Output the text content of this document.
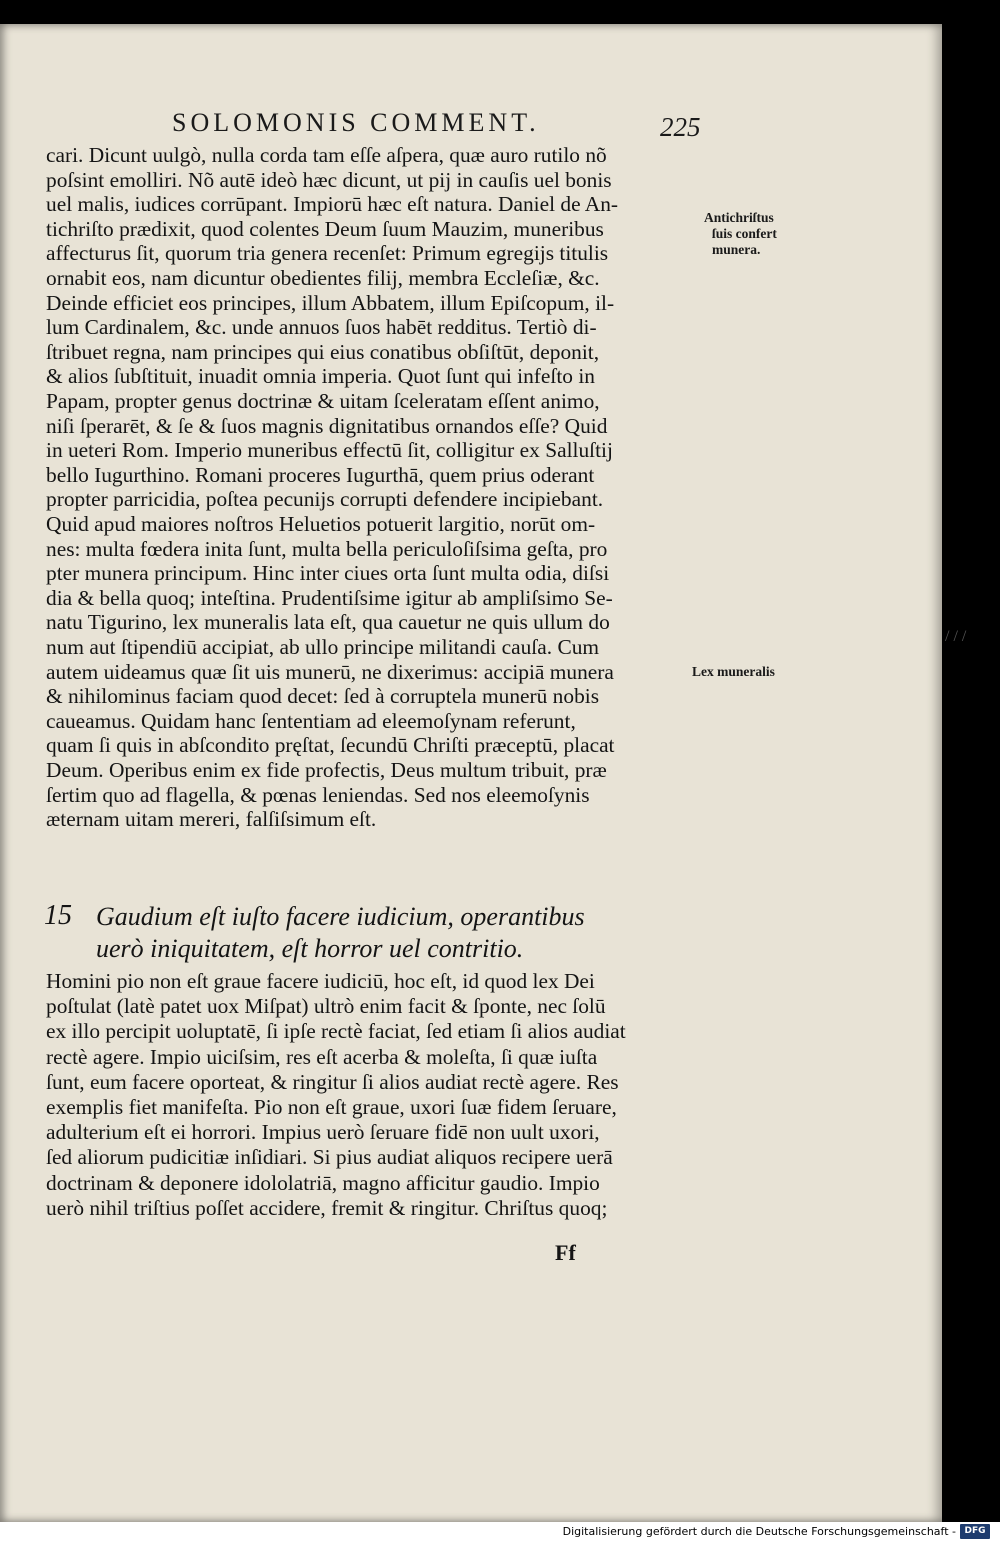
SOLOMONIS COMMENT.	225
cari. Dicunt uulgò, nulla corda tam eſſe aſpera, quæ auro rutilo nõ
poſsint emolliri. Nõ autē ideò hæc dicunt, ut pij in cauſis uel bonis
uel malis, iudices corrūpant. Impiorū hæc eſt natura. Daniel de An-
tichriſto prædixit, quod colentes Deum ſuum Mauzim, muneribus
affecturus ſit, quorum tria genera recenſet: Primum egregijs titulis
ornabit eos, nam dicuntur obedientes filij, membra Eccleſiæ, &c.
Deinde efficiet eos principes, illum Abbatem, illum Epiſcopum, il-
lum Cardinalem, &c. unde annuos ſuos habēt redditus. Tertiò di-
ſtribuet regna, nam principes qui eius conatibus obſiſtūt, deponit,
& alios ſubſtituit, inuadit omnia imperia. Quot ſunt qui infeſto in
Papam, propter genus doctrinæ & uitam ſceleratam eſſent animo,
niſi ſperarēt, & ſe & ſuos magnis dignitatibus ornandos eſſe? Quid
in ueteri Rom. Imperio muneribus effectū ſit, colligitur ex Salluſtij
bello Iugurthino. Romani proceres Iugurthā, quem prius oderant
propter parricidia, poſtea pecunijs corrupti defendere incipiebant.
Quid apud maiores noſtros Heluetios potuerit largitio, norūt om-
nes: multa fœdera inita ſunt, multa bella periculoſiſsima geſta, pro
pter munera principum. Hinc inter ciues orta ſunt multa odia, diſsi
dia & bella quoq; inteſtina. Prudentiſsime igitur ab ampliſsimo Se-
natu Tigurino, lex muneralis lata eſt, qua cauetur ne quis ullum do
num aut ſtipendiū accipiat, ab ullo principe militandi cauſa. Cum
autem uideamus quæ ſit uis munerū, ne dixerimus: accipiā munera
& nihilominus faciam quod decet: ſed à corruptela munerū nobis
caueamus. Quidam hanc ſententiam ad eleemoſynam referunt,
quam ſi quis in abſcondito pręſtat, ſecundū Chriſti præceptū, placat
Deum. Operibus enim ex fide profectis, Deus multum tribuit, præ
ſertim quo ad flagella, & pœnas leniendas. Sed nos eleemoſynis
æternam uitam mereri, falſiſsimum eſt.
Gaudium eſt iuſto facere iudicium, operantibus
uerò iniquitatem, eſt horror uel contritio.
Homini pio non eſt graue facere iudiciū, hoc eſt, id quod lex Dei
poſtulat (latè patet uox Miſpat) ultrò enim facit & ſponte, nec ſolū
ex illo percipit uoluptatē, ſi ipſe rectè faciat, ſed etiam ſi alios audiat
rectè agere. Impio uiciſsim, res eſt acerba & moleſta, ſi quæ iuſta
ſunt, eum facere oporteat, & ringitur ſi alios audiat rectè agere. Res
exemplis fiet manifeſta. Pio non eſt graue, uxori ſuæ fidem ſeruare,
adulterium eſt ei horrori. Impius uerò ſeruare fidē non uult uxori,
ſed aliorum pudicitiæ inſidiari. Si pius audiat aliquos recipere uerā
doctrinam & deponere idololatriā, magno afficitur gaudio. Impio
uerò nihil triſtius poſſet accidere, fremit & ringitur. Chriſtus quoq;
15
Antichriſtus
ſuis confert
munera.
Lex muneralis
Ff
/ / /
Digitalisierung gefördert durch die Deutsche Forschungsgemeinschaft - DFG
